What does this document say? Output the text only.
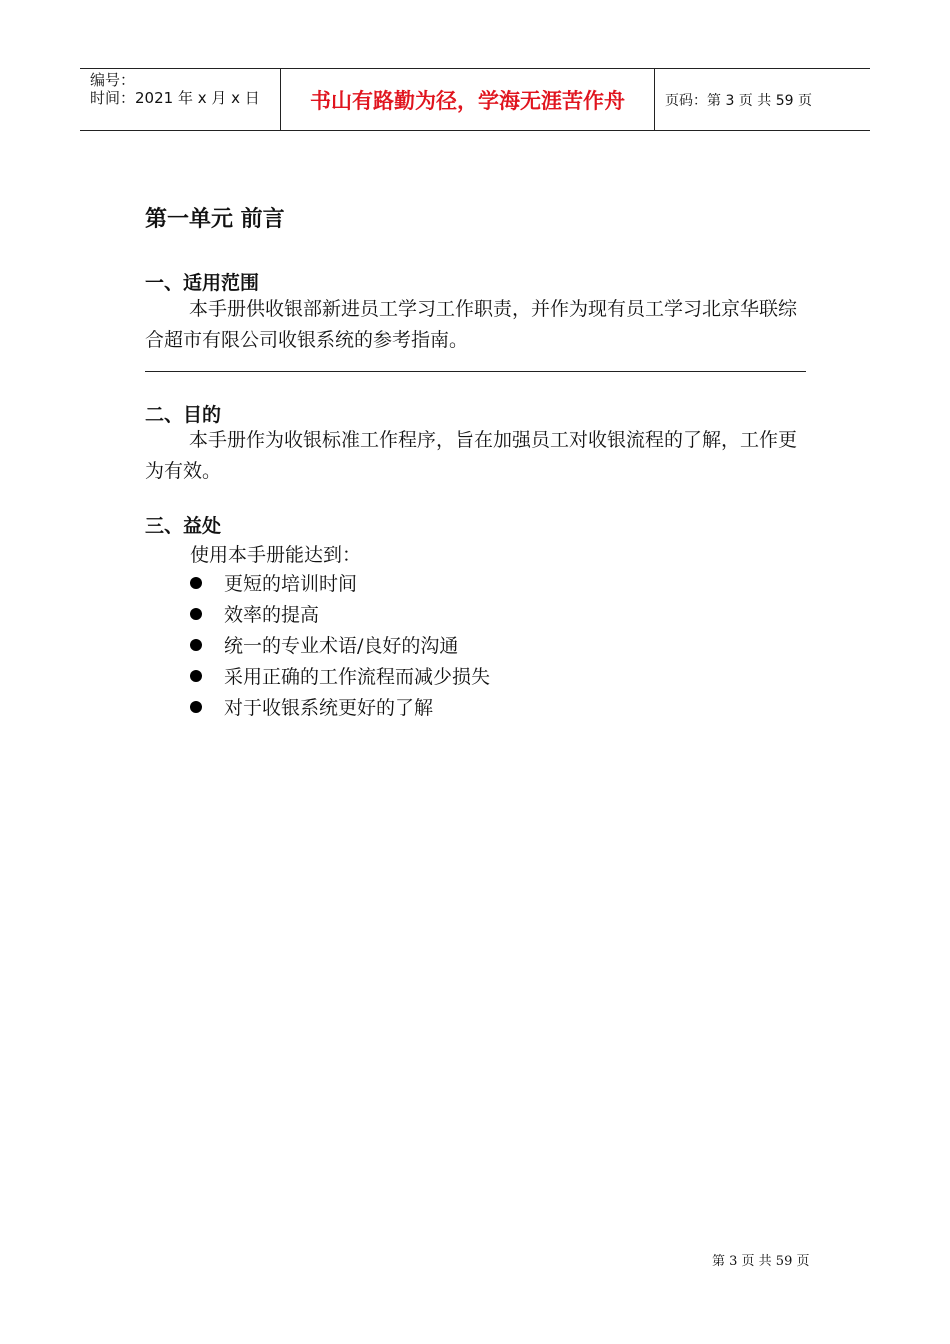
编号：
时间：2021 年 x 月 x 日	书山有路勤为径，学海无涯苦作舟	页码：第 3 页 共 59 页
第一单元 前言
一、适用范围
本手册供收银部新进员工学习工作职责，并作为现有员工学习北京华联综合超市有限公司收银系统的参考指南。
二、目的
本手册作为收银标准工作程序，旨在加强员工对收银流程的了解，工作更为有效。
三、益处
使用本手册能达到：
更短的培训时间
效率的提高
统一的专业术语/良好的沟通
采用正确的工作流程而减少损失
对于收银系统更好的了解
第 3 页 共 59 页
